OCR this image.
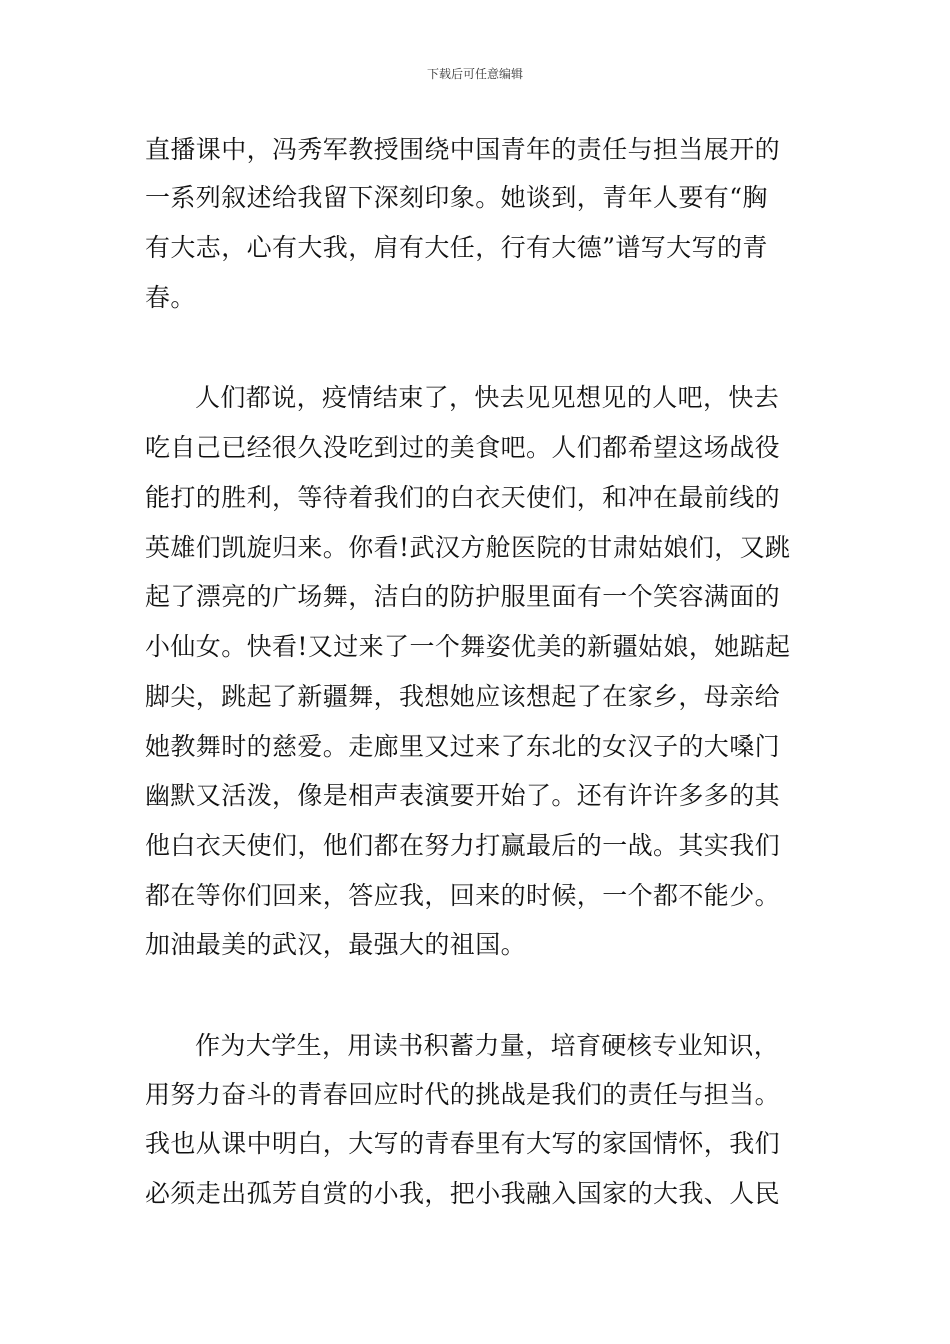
下载后可任意编辑
直播课中，冯秀军教授围绕中国青年的责任与担当展开的
一系列叙述给我留下深刻印象。她谈到，青年人要有“胸
有大志，心有大我，肩有大任，行有大德”谱写大写的青
春。
人们都说，疫情结束了，快去见见想见的人吧，快去
吃自己已经很久没吃到过的美食吧。人们都希望这场战役
能打的胜利，等待着我们的白衣天使们，和冲在最前线的
英雄们凯旋归来。你看!武汉方舱医院的甘肃姑娘们，又跳
起了漂亮的广场舞，洁白的防护服里面有一个笑容满面的
小仙女。快看!又过来了一个舞姿优美的新疆姑娘，她踮起
脚尖，跳起了新疆舞，我想她应该想起了在家乡，母亲给
她教舞时的慈爱。走廊里又过来了东北的女汉子的大嗓门
幽默又活泼，像是相声表演要开始了。还有许许多多的其
他白衣天使们，他们都在努力打赢最后的一战。其实我们
都在等你们回来，答应我，回来的时候，一个都不能少。
加油最美的武汉，最强大的祖国。
作为大学生，用读书积蓄力量，培育硬核专业知识，
用努力奋斗的青春回应时代的挑战是我们的责任与担当。
我也从课中明白，大写的青春里有大写的家国情怀，我们
必须走出孤芳自赏的小我，把小我融入国家的大我、人民
